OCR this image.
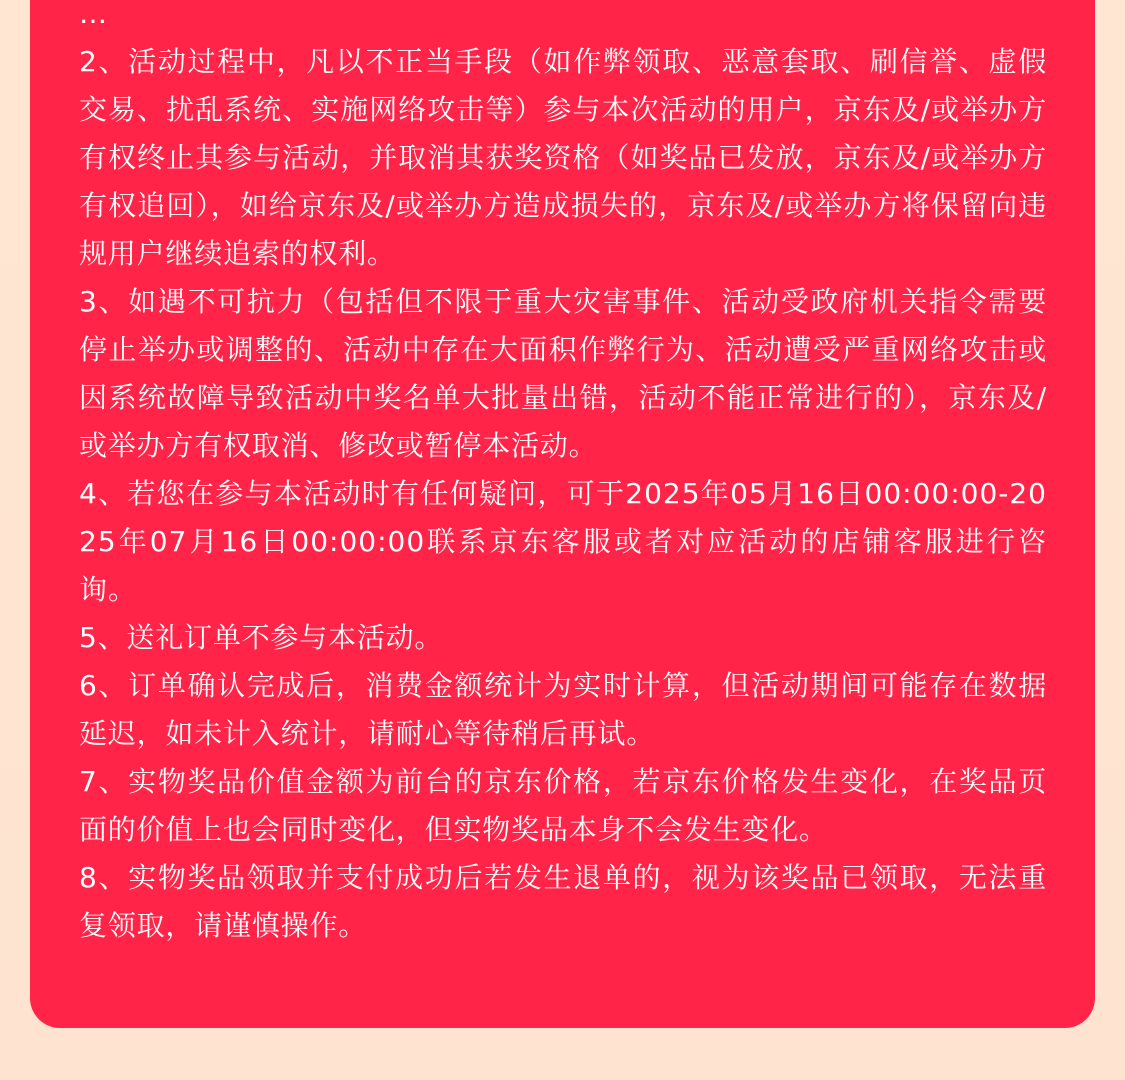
…

2、活动过程中，凡以不正当手段（如作弊领取、恶意套取、刷信誉、虚假交易、扰乱系统、实施网络攻击等）参与本次活动的用户，京东及/或举办方有权终止其参与活动，并取消其获奖资格（如奖品已发放，京东及/或举办方有权追回），如给京东及/或举办方造成损失的，京东及/或举办方将保留向违规用户继续追索的权利。

3、如遇不可抗力（包括但不限于重大灾害事件、活动受政府机关指令需要停止举办或调整的、活动中存在大面积作弊行为、活动遭受严重网络攻击或因系统故障导致活动中奖名单大批量出错，活动不能正常进行的），京东及/或举办方有权取消、修改或暂停本活动。

4、若您在参与本活动时有任何疑问，可于2025年05月16日00:00:00-2025年07月16日00:00:00联系京东客服或者对应活动的店铺客服进行咨询。

5、送礼订单不参与本活动。

6、订单确认完成后，消费金额统计为实时计算，但活动期间可能存在数据延迟，如未计入统计，请耐心等待稍后再试。

7、实物奖品价值金额为前台的京东价格，若京东价格发生变化，在奖品页面的价值上也会同时变化，但实物奖品本身不会发生变化。

8、实物奖品领取并支付成功后若发生退单的，视为该奖品已领取，无法重复领取，请谨慎操作。
